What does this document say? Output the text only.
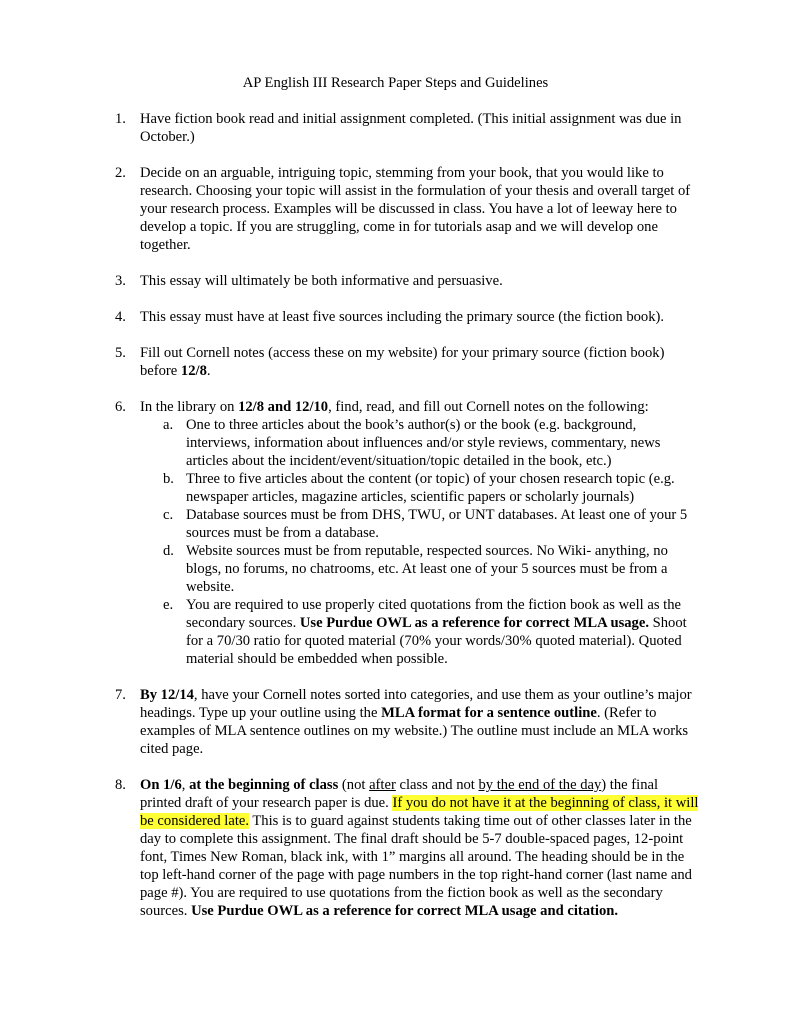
AP English III Research Paper Steps and Guidelines
1. Have fiction book read and initial assignment completed. (This initial assignment was due in October.)
2. Decide on an arguable, intriguing topic, stemming from your book, that you would like to research. Choosing your topic will assist in the formulation of your thesis and overall target of your research process. Examples will be discussed in class. You have a lot of leeway here to develop a topic. If you are struggling, come in for tutorials asap and we will develop one together.
3. This essay will ultimately be both informative and persuasive.
4. This essay must have at least five sources including the primary source (the fiction book).
5. Fill out Cornell notes (access these on my website) for your primary source (fiction book) before 12/8.
6. In the library on 12/8 and 12/10, find, read, and fill out Cornell notes on the following:
a. One to three articles about the book’s author(s) or the book (e.g. background, interviews, information about influences and/or style reviews, commentary, news articles about the incident/event/situation/topic detailed in the book, etc.)
b. Three to five articles about the content (or topic) of your chosen research topic (e.g. newspaper articles, magazine articles, scientific papers or scholarly journals)
c. Database sources must be from DHS, TWU, or UNT databases. At least one of your 5 sources must be from a database.
d. Website sources must be from reputable, respected sources. No Wiki- anything, no blogs, no forums, no chatrooms, etc. At least one of your 5 sources must be from a website.
e. You are required to use properly cited quotations from the fiction book as well as the secondary sources. Use Purdue OWL as a reference for correct MLA usage. Shoot for a 70/30 ratio for quoted material (70% your words/30% quoted material). Quoted material should be embedded when possible.
7. By 12/14, have your Cornell notes sorted into categories, and use them as your outline’s major headings. Type up your outline using the MLA format for a sentence outline. (Refer to examples of MLA sentence outlines on my website.) The outline must include an MLA works cited page.
8. On 1/6, at the beginning of class (not after class and not by the end of the day) the final printed draft of your research paper is due. If you do not have it at the beginning of class, it will be considered late. This is to guard against students taking time out of other classes later in the day to complete this assignment. The final draft should be 5-7 double-spaced pages, 12-point font, Times New Roman, black ink, with 1” margins all around. The heading should be in the top left-hand corner of the page with page numbers in the top right-hand corner (last name and page #). You are required to use quotations from the fiction book as well as the secondary sources. Use Purdue OWL as a reference for correct MLA usage and citation.
